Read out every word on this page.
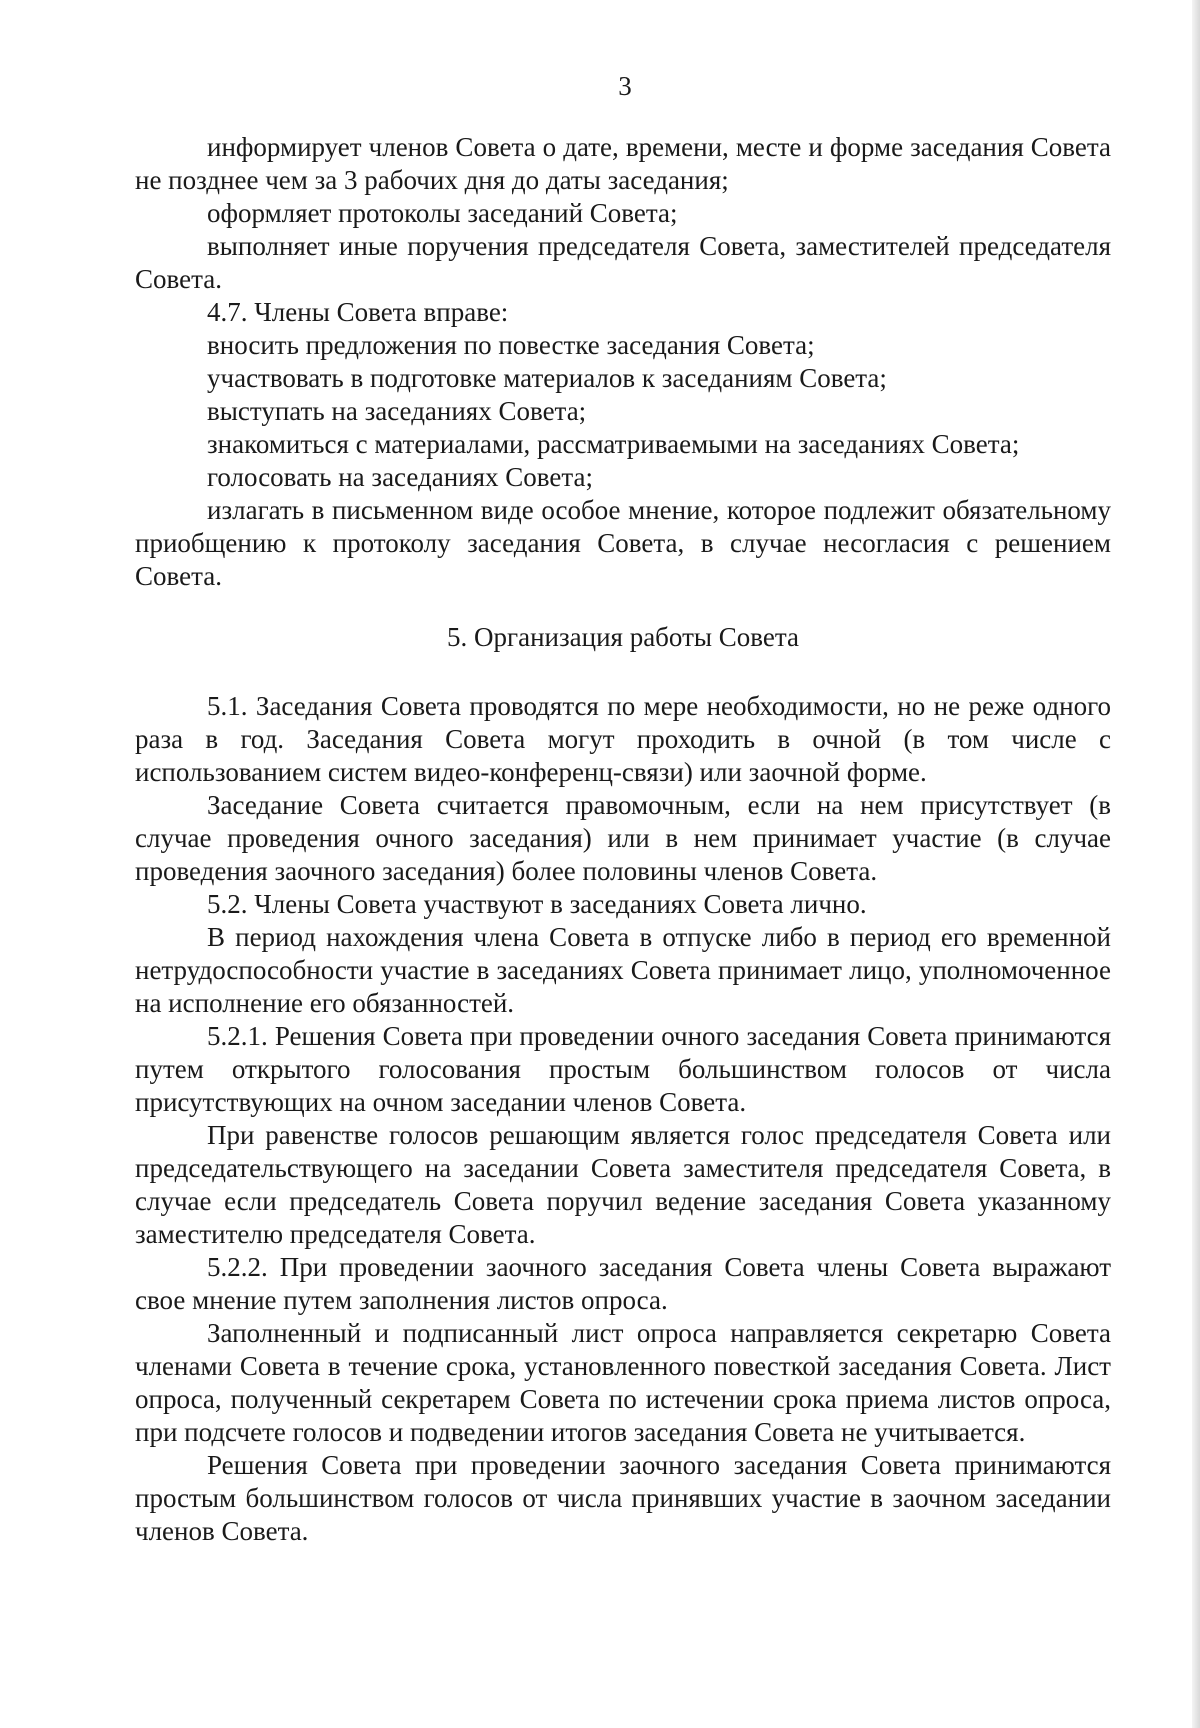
3

информирует членов Совета о дате, времени, месте и форме заседания Совета не позднее чем за 3 рабочих дня до даты заседания;

оформляет протоколы заседаний Совета;

выполняет иные поручения председателя Совета, заместителей председателя Совета.

4.7. Члены Совета вправе:

вносить предложения по повестке заседания Совета;

участвовать в подготовке материалов к заседаниям Совета;

выступать на заседаниях Совета;

знакомиться с материалами, рассматриваемыми на заседаниях Совета;

голосовать на заседаниях Совета;

излагать в письменном виде особое мнение, которое подлежит обязательному приобщению к протоколу заседания Совета, в случае несогласия с решением Совета.

5. Организация работы Совета

5.1. Заседания Совета проводятся по мере необходимости, но не реже одного раза в год. Заседания Совета могут проходить в очной (в том числе с использованием систем видео-конференц-связи) или заочной форме.

Заседание Совета считается правомочным, если на нем присутствует (в случае проведения очного заседания) или в нем принимает участие (в случае проведения заочного заседания) более половины членов Совета.

5.2. Члены Совета участвуют в заседаниях Совета лично.

В период нахождения члена Совета в отпуске либо в период его временной нетрудоспособности участие в заседаниях Совета принимает лицо, уполномоченное на исполнение его обязанностей.

5.2.1. Решения Совета при проведении очного заседания Совета принимаются путем открытого голосования простым большинством голосов от числа присутствующих на очном заседании членов Совета.

При равенстве голосов решающим является голос председателя Совета или председательствующего на заседании Совета заместителя председателя Совета, в случае если председатель Совета поручил ведение заседания Совета указанному заместителю председателя Совета.

5.2.2. При проведении заочного заседания Совета члены Совета выражают свое мнение путем заполнения листов опроса.

Заполненный и подписанный лист опроса направляется секретарю Совета членами Совета в течение срока, установленного повесткой заседания Совета. Лист опроса, полученный секретарем Совета по истечении срока приема листов опроса, при подсчете голосов и подведении итогов заседания Совета не учитывается.

Решения Совета при проведении заочного заседания Совета принимаются простым большинством голосов от числа принявших участие в заочном заседании членов Совета.
